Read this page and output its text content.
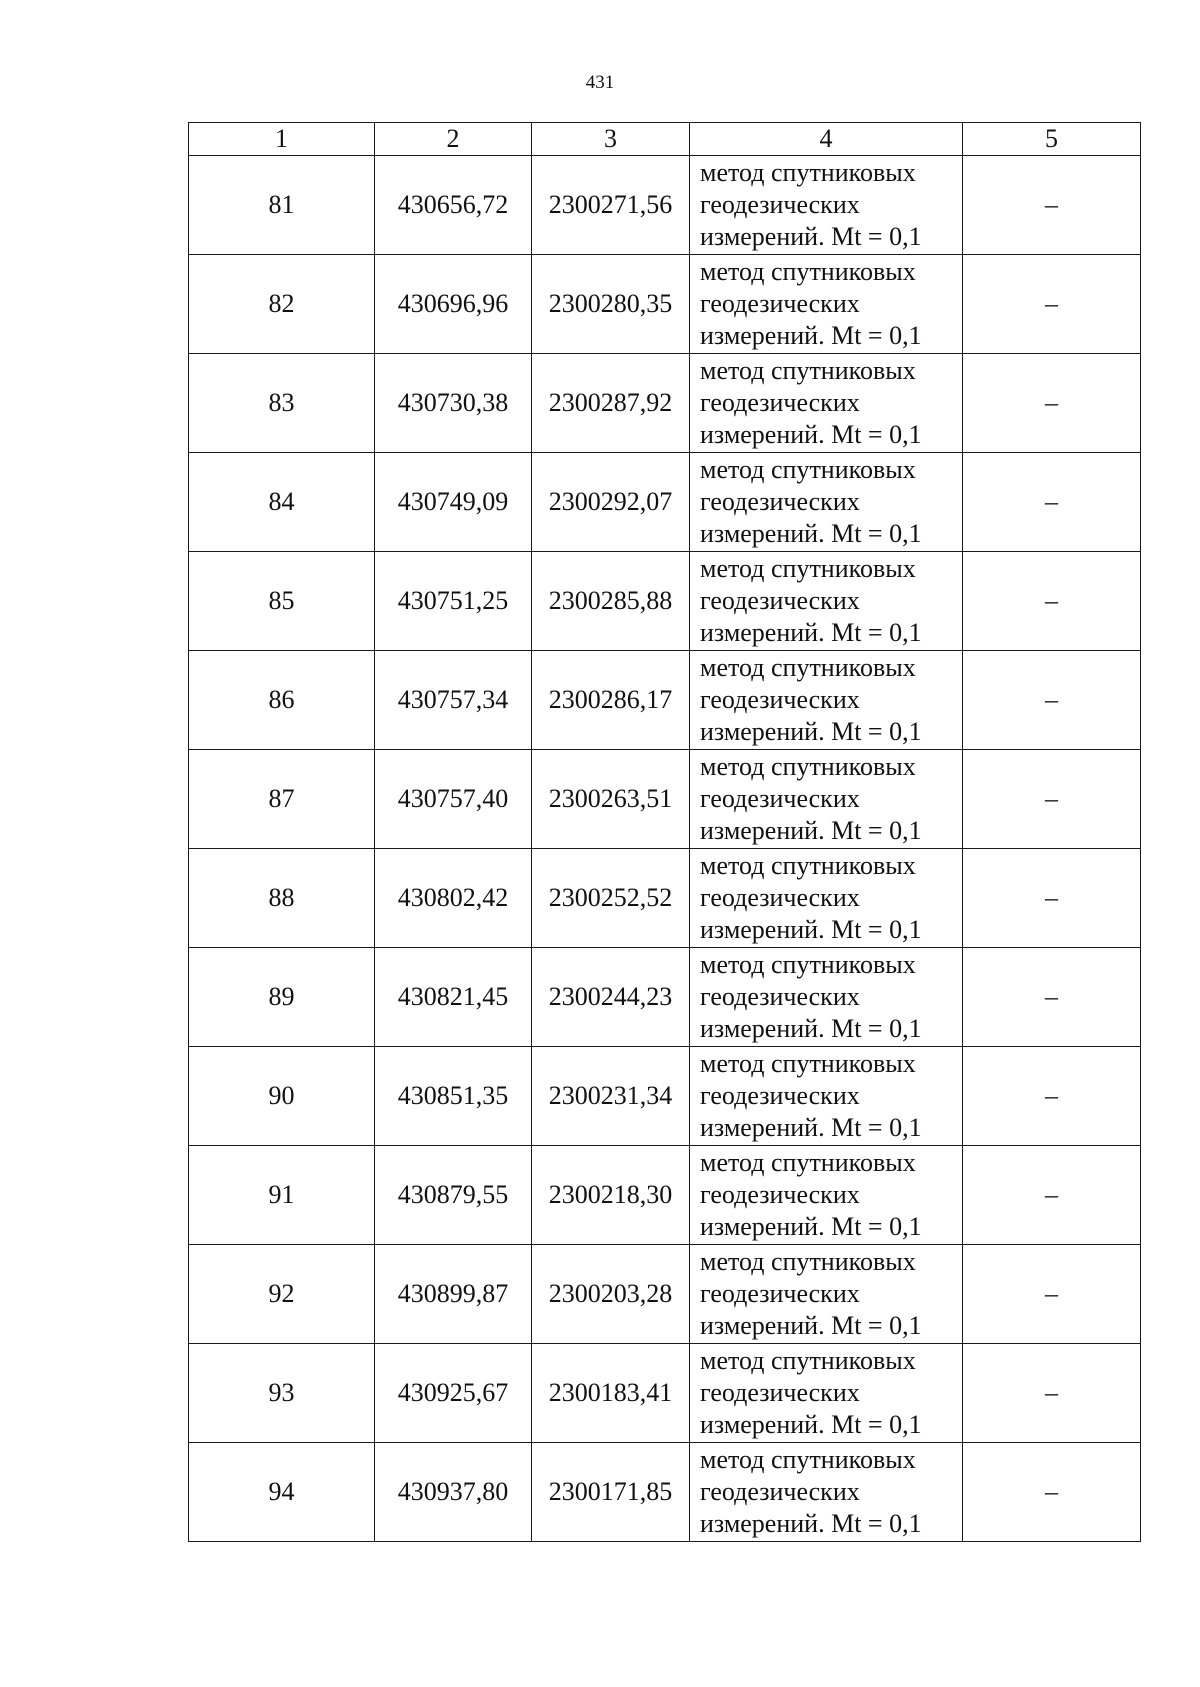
431
1	2	3	4	5
81	430656,72	2300271,56	метод спутниковых
геодезических
измерений. Mt = 0,1	–
82	430696,96	2300280,35	метод спутниковых
геодезических
измерений. Mt = 0,1	–
83	430730,38	2300287,92	метод спутниковых
геодезических
измерений. Mt = 0,1	–
84	430749,09	2300292,07	метод спутниковых
геодезических
измерений. Mt = 0,1	–
85	430751,25	2300285,88	метод спутниковых
геодезических
измерений. Mt = 0,1	–
86	430757,34	2300286,17	метод спутниковых
геодезических
измерений. Mt = 0,1	–
87	430757,40	2300263,51	метод спутниковых
геодезических
измерений. Mt = 0,1	–
88	430802,42	2300252,52	метод спутниковых
геодезических
измерений. Mt = 0,1	–
89	430821,45	2300244,23	метод спутниковых
геодезических
измерений. Mt = 0,1	–
90	430851,35	2300231,34	метод спутниковых
геодезических
измерений. Mt = 0,1	–
91	430879,55	2300218,30	метод спутниковых
геодезических
измерений. Mt = 0,1	–
92	430899,87	2300203,28	метод спутниковых
геодезических
измерений. Mt = 0,1	–
93	430925,67	2300183,41	метод спутниковых
геодезических
измерений. Mt = 0,1	–
94	430937,80	2300171,85	метод спутниковых
геодезических
измерений. Mt = 0,1	–
